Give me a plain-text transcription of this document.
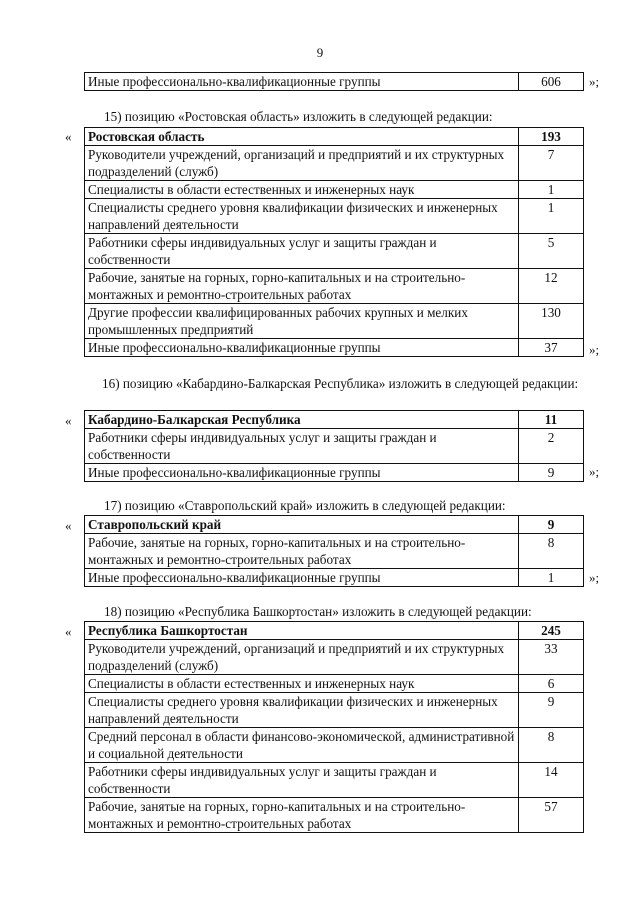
9
Иные профессионально-квалификационные группы	606 »;
15) позицию «Ростовская область» изложить в следующей редакции:
« Ростовская область	193
Руководители учреждений, организаций и предприятий и их структурных подразделений (служб)	7
Специалисты в области естественных и инженерных наук	1
Специалисты среднего уровня квалификации физических и инженерных направлений деятельности	1
Работники сферы индивидуальных услуг и защиты граждан и собственности	5
Рабочие, занятые на горных, горно-капитальных и на строительно-монтажных и ремонтно-строительных работах	12
Другие профессии квалифицированных рабочих крупных и мелких промышленных предприятий	130
Иные профессионально-квалификационные группы	37 »;
16) позицию «Кабардино-Балкарская Республика» изложить в следующей редакции:
« Кабардино-Балкарская Республика	11
Работники сферы индивидуальных услуг и защиты граждан и собственности	2
Иные профессионально-квалификационные группы	9	»;
17) позицию «Ставропольский край» изложить в следующей редакции:
« Ставропольский край	9
Рабочие, занятые на горных, горно-капитальных и на строительно-монтажных и ремонтно-строительных работах	8
Иные профессионально-квалификационные группы	1	»;
18) позицию «Республика Башкортостан» изложить в следующей редакции:
« Республика Башкортостан	245
Руководители учреждений, организаций и предприятий и их структурных подразделений (служб)	33
Специалисты в области естественных и инженерных наук	6
Специалисты среднего уровня квалификации физических и инженерных направлений деятельности	9
Средний персонал в области финансово-экономической, административной и социальной деятельности	8
Работники сферы индивидуальных услуг и защиты граждан и собственности	14
Рабочие, занятые на горных, горно-капитальных и на строительно-монтажных и ремонтно-строительных работах	57
